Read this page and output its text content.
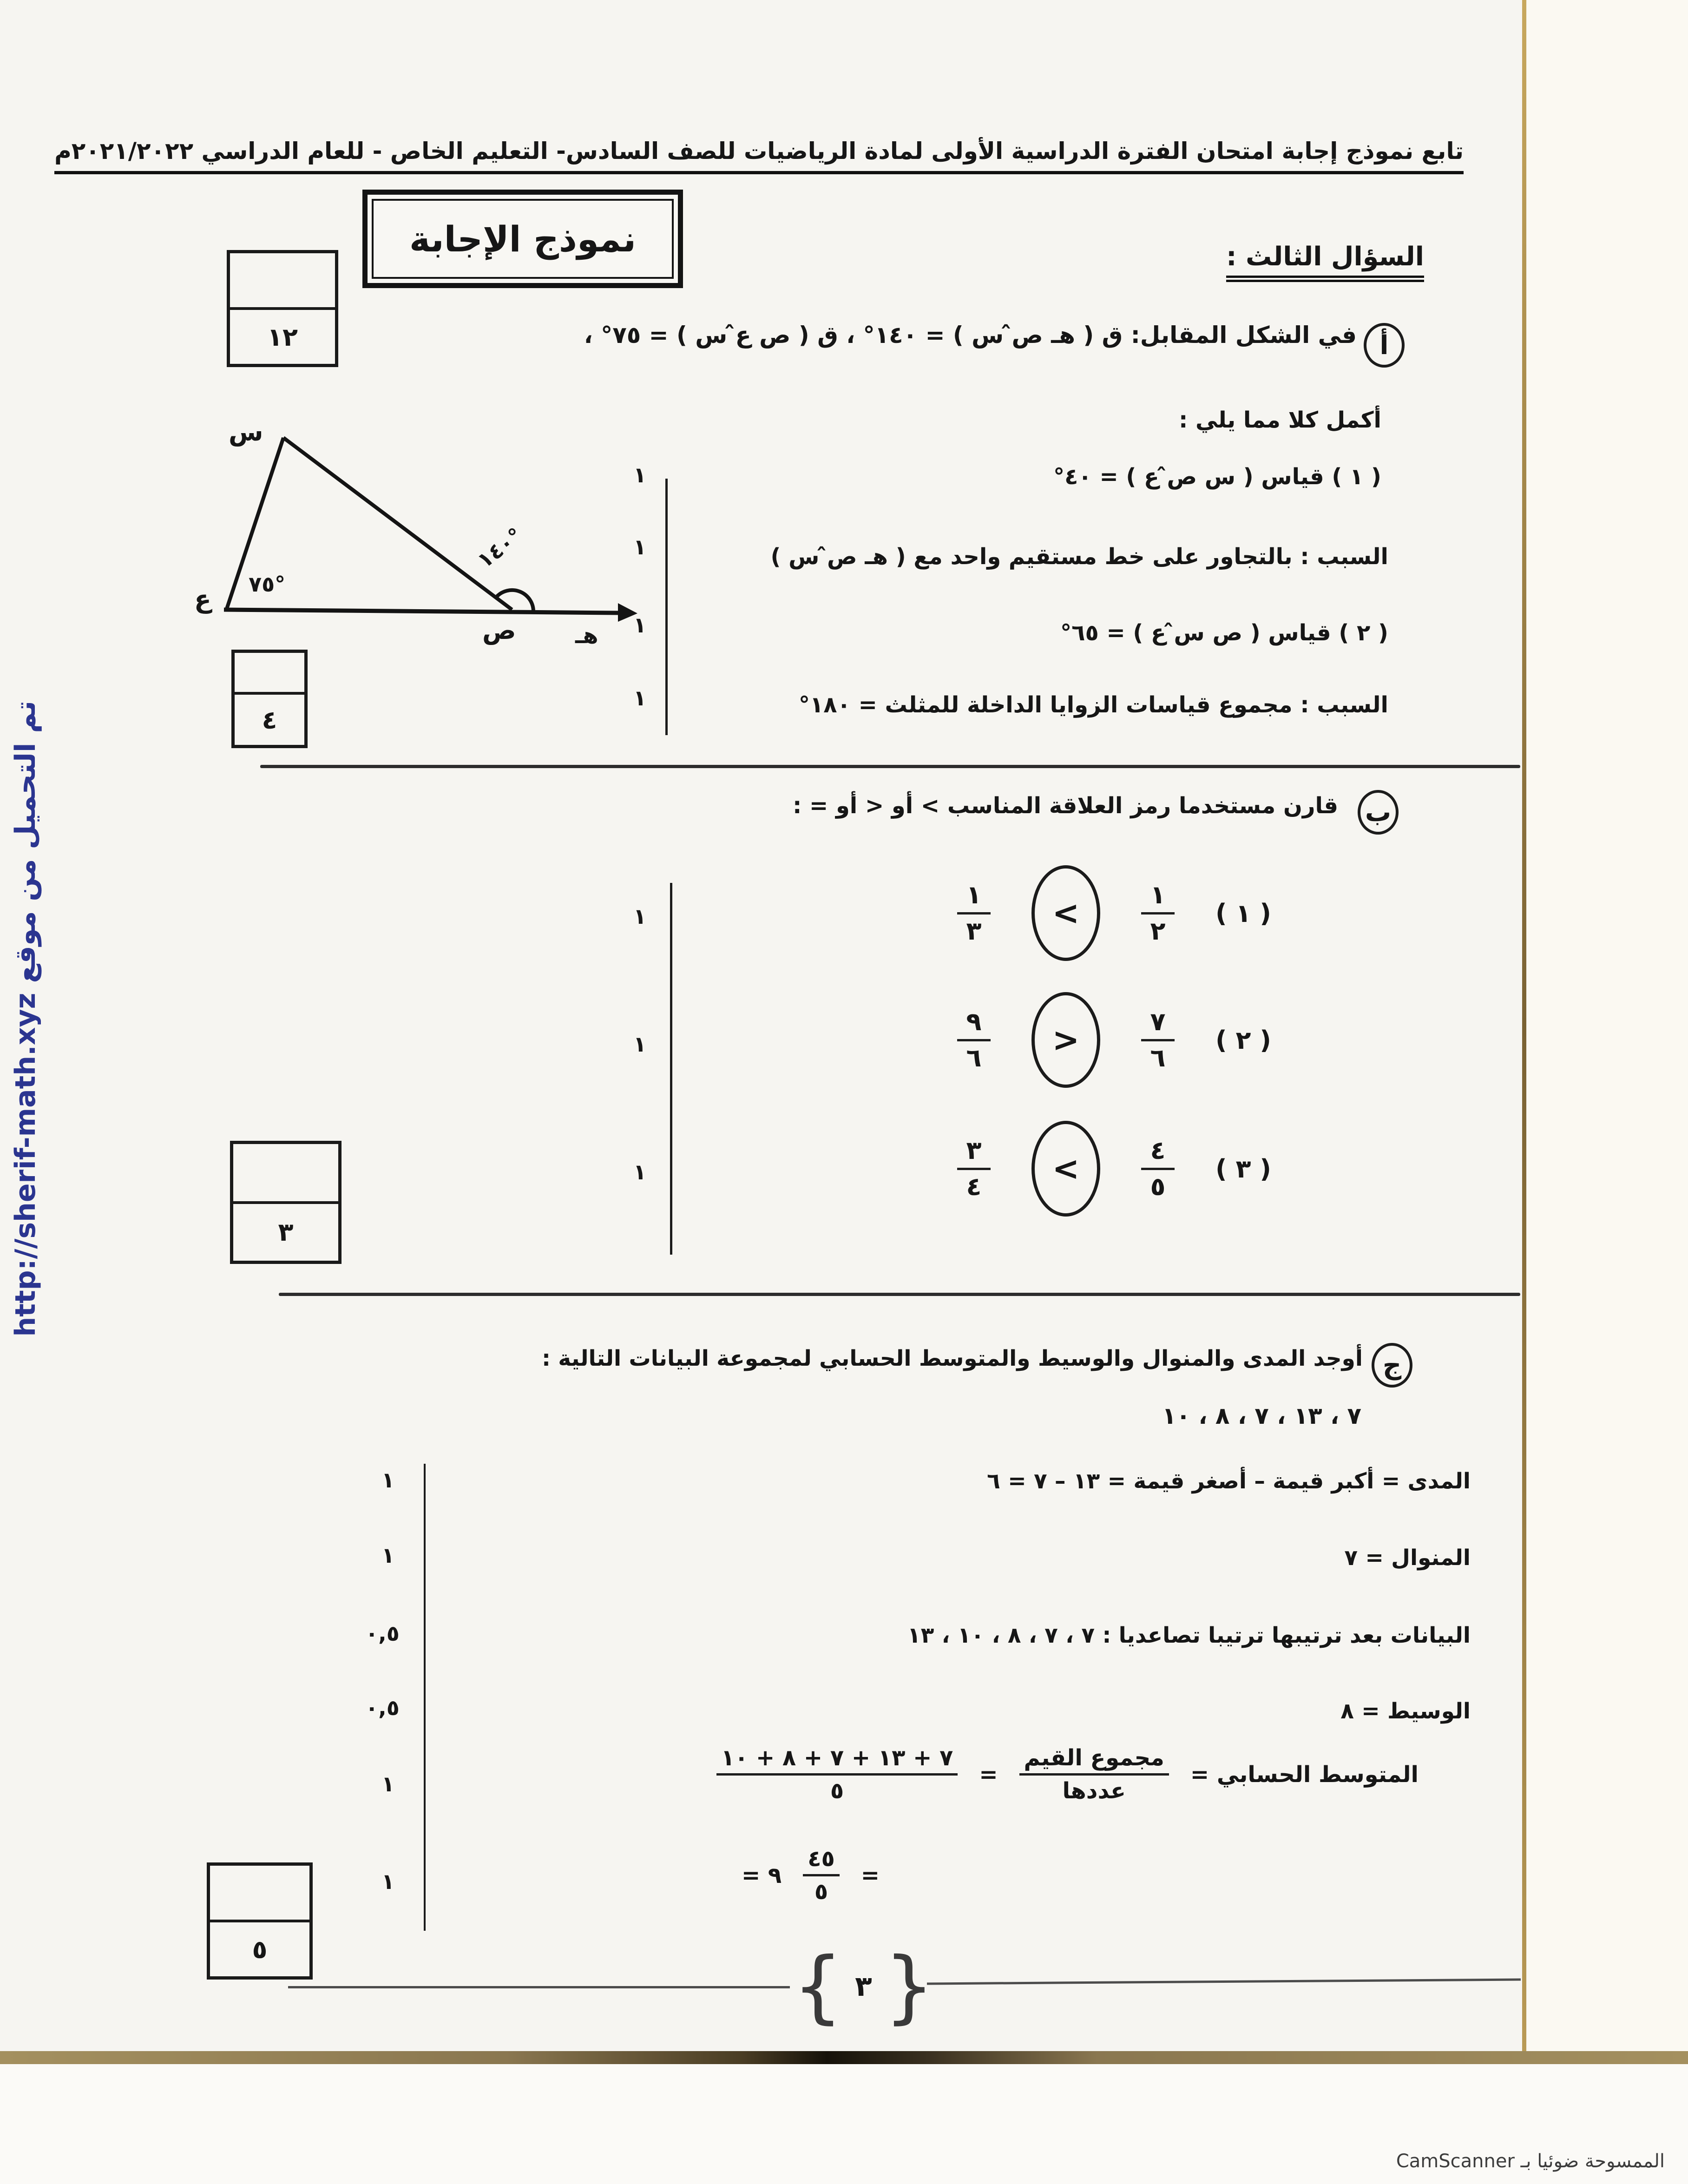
تابع نموذج إجابة امتحان الفترة الدراسية الأولى لمادة الرياضيات للصف السادس- التعليم الخاص - للعام الدراسي ٢٠٢١/٢٠٢٢م
نموذج الإجابة	السؤال الثالث :
١٢	أ
في الشكل المقابل: ق ( هـ ص̂ س ) = ١٤٠° ، ق ( ص ع̂ س ) = ٧٥° ،
أكمل كلا مما يلي :
( ١ ) قياس ( س ص̂ ع ) = ٤٠°
السبب : بالتجاور على خط مستقيم واحد مع ( هـ ص̂ س )
( ٢ ) قياس ( ص س̂ ع ) = ٦٥°
السبب : مجموع قياسات الزوايا الداخلة للمثلث = ١٨٠°
١
١
١
١
٤
س
ع
ص	هـ
٧٥°
١٤٠°
ب
قارن مستخدما رمز العلاقة المناسب > أو < أو = :
١
٣ <	١
٢
( ١ )
٩
٦ >	٧
٦
( ٢ )
٣
٤ <	٤
٥
( ٣ )
١
١
١
٣
ج
أوجد المدى والمنوال والوسيط والمتوسط الحسابي لمجموعة البيانات التالية :
٧ ، ١٣ ، ٧ ، ٨ ، ١٠
المدى = أكبر قيمة – أصغر قيمة = ١٣ – ٧ = ٦
المنوال = ٧
البيانات بعد ترتيبها ترتيبا تصاعديا : ٧ ، ٧ ، ٨ ، ١٠ ، ١٣
الوسيط = ٨
المتوسط الحسابي =
مجموع القيم
عددها
=
٧ + ١٣ + ٧ + ٨ + ١٠
٥
=
٤٥
٥
= ٩
١
١
٠,٥
٠,٥
١
١
٥	{ ٣ }
الممسوحة ضوئيا بـ CamScanner
تم التحميل من موقع http://sherif-math.xyz
